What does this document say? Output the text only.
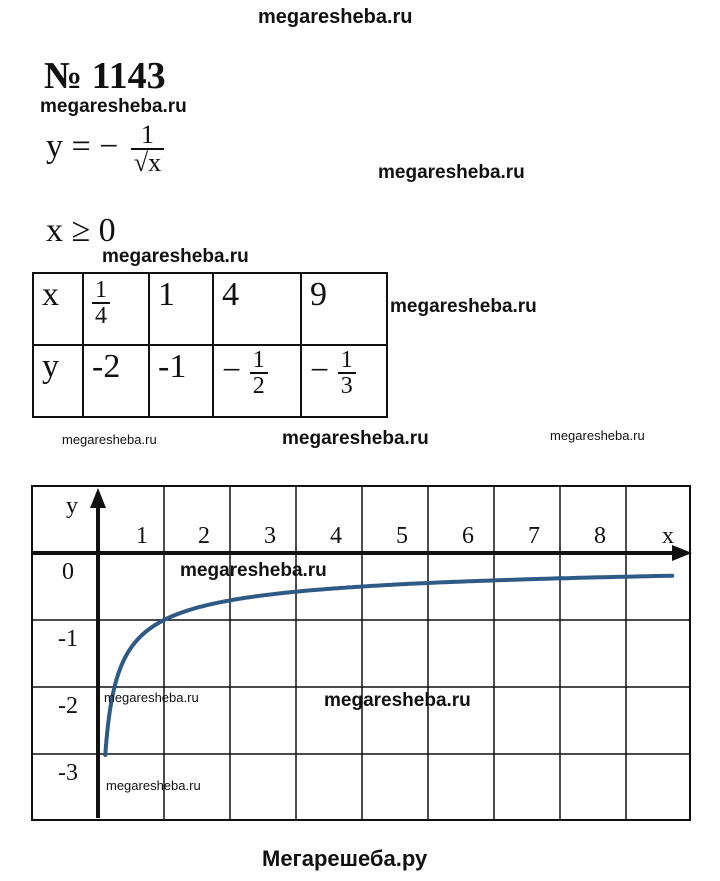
megaresheba.ru
megaresheba.ru
megaresheba.ru
megaresheba.ru
megaresheba.ru
megaresheba.ru	megaresheba.ru	megaresheba.ru
№ 1143
y = − $\frac{1}{√x}$
x ≥ 0
x	$\frac{1}{4}$	1	4	9
y	-2	-1	− $\frac{1}{2}$	− $\frac{1}{3}$
1 2 3 4 5 6 7 8 x
y
0
-1
-2
-3
megaresheba.ru
megaresheba.ru	megaresheba.ru
megaresheba.ru
Мегарешеба.ру
